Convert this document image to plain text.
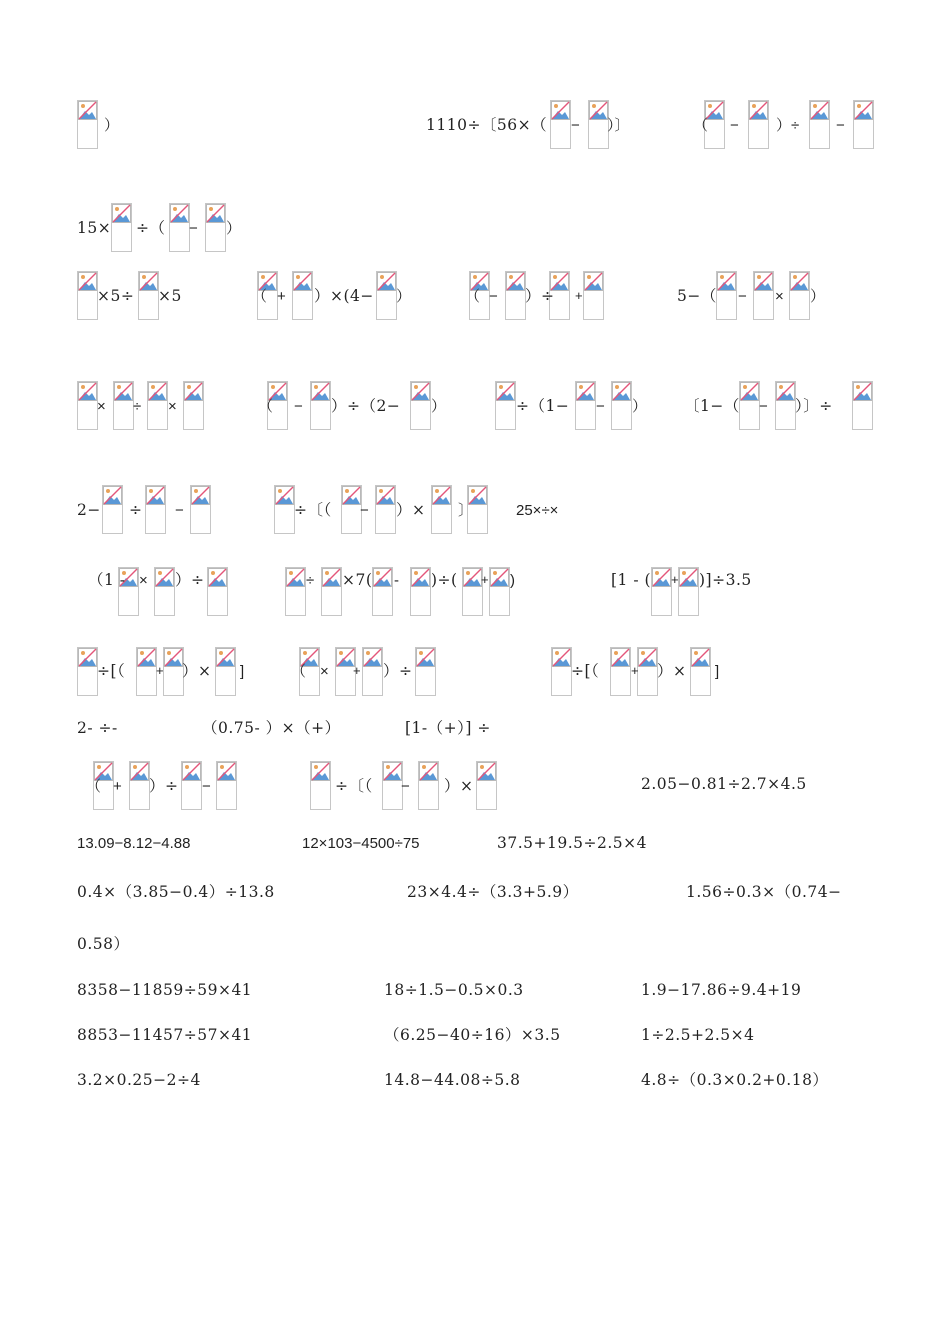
）	1110÷〔56×（ − ）〕	（ − ）÷ −
15× ÷（ − ）
×5÷ ×5	（ + ）×(4− ）	（ − ）÷ +	5−（ − × ）
× ÷ ×	（ − ）÷（2− ）	÷（1− − ） 〔1−（ − ）〕÷
2− ÷ −	÷〔（ − ）× 〕	25×÷×
（1 - × ）÷	÷ ×7( - )÷( + )	[1 - ( + )]÷3.5
÷[（ + ）× ]	（ × + ）÷	÷[（ + ）× ]
2- ÷-	（0.75- ）×（+）	[1-（+）] ÷
（ + ）÷ −	÷〔（ − ）×	2.05−0.81÷2.7×4.5
13.09−8.12−4.88	12×103−4500÷75	37.5+19.5÷2.5×4
0.4×（3.85−0.4）÷13.8	23×4.4÷（3.3+5.9）	1.56÷0.3×（0.74−
0.58）
8358−11859÷59×41	18÷1.5−0.5×0.3	1.9−17.86÷9.4+19
8853−11457÷57×41	（6.25−40÷16）×3.5	1÷2.5+2.5×4
3.2×0.25−2÷4	14.8−44.08÷5.8	4.8÷（0.3×0.2+0.18）
